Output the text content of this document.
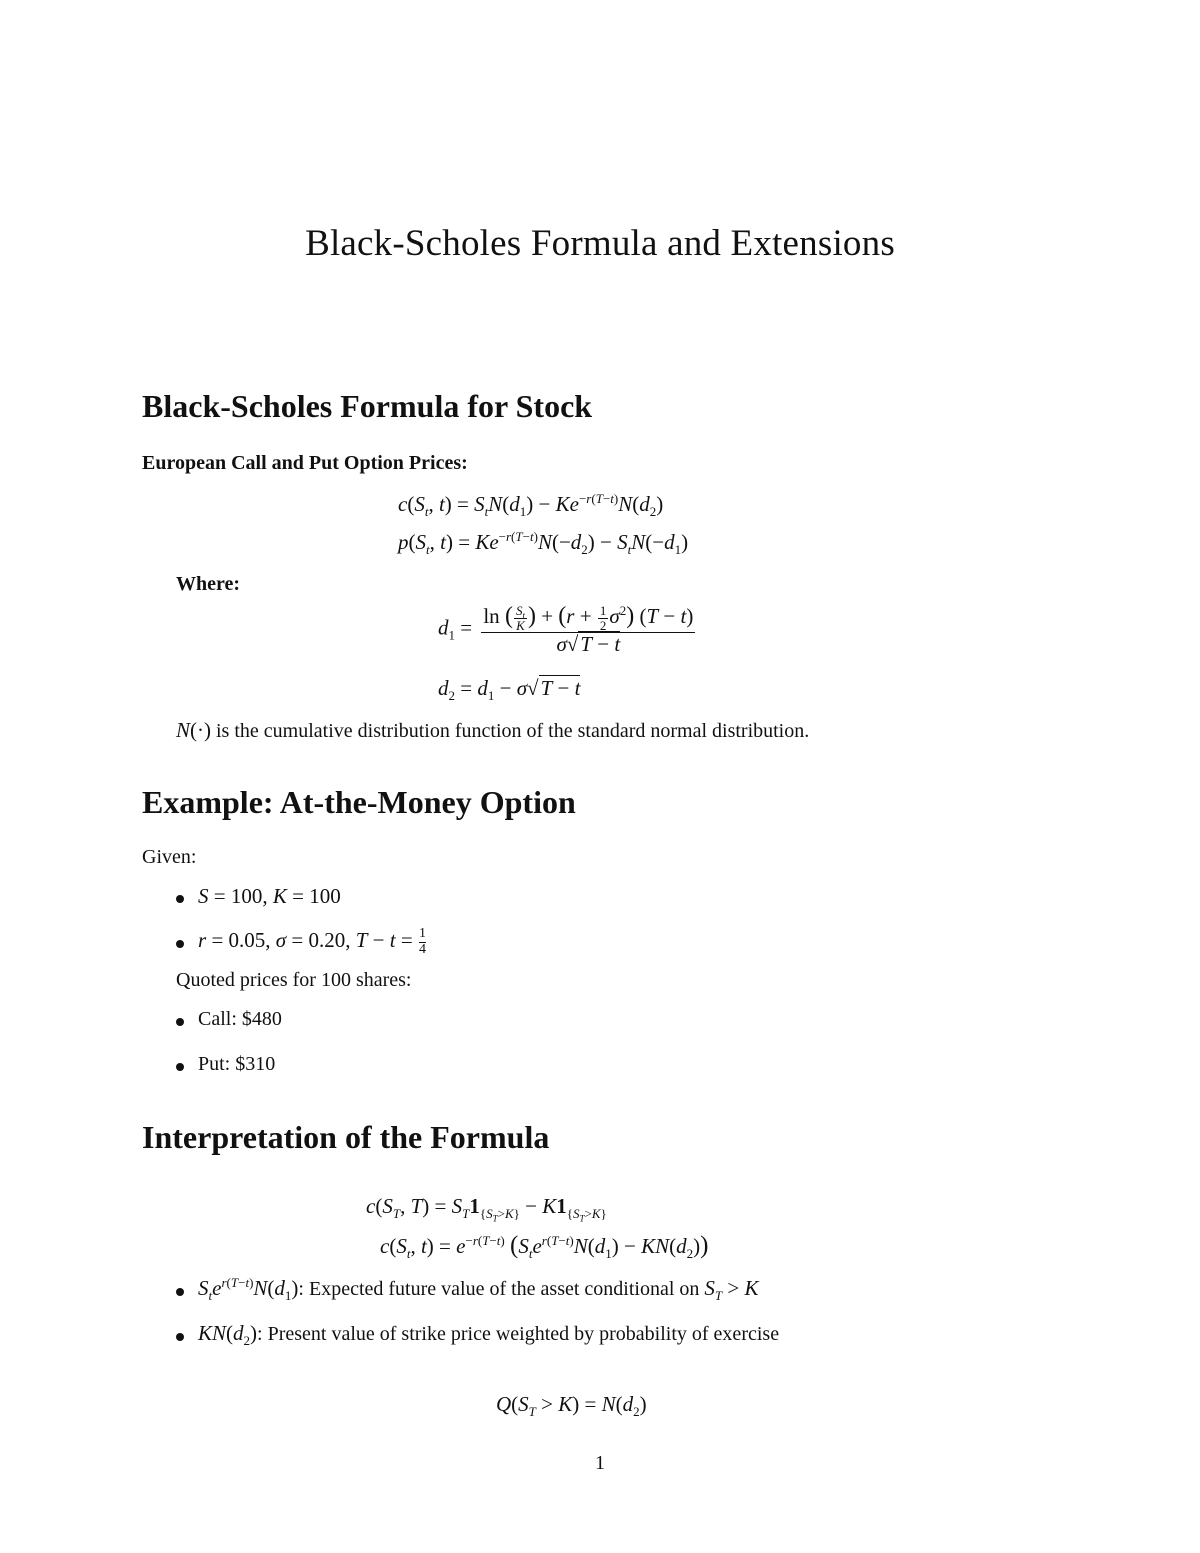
Black-Scholes Formula and Extensions
Black-Scholes Formula for Stock
European Call and Put Option Prices:
$c(S_t$, $t) = S_tN(d_1) - Ke^{-r(T-t)}N(d_2)$
$p(S_t$, $t) = Ke^{-r(T-t)}N(-d_2) - S_tN(-d_1)$
Where:
$d_1 = \frac{\ln ( \frac{S_t}{K} ) + (r + \frac{1}{2} \sigma^2) (T - t)}{\sigma√T - t}$
$d_2 = d_1 - \sigma√T - t$
N(·) is the cumulative distribution function of the standard normal distribution.
Example: At-the-Money Option
Given:
S = 100, K = 100
r = 0.05, σ = 0.20, $T - t = \frac{1}{4}$
Quoted prices for 100 shares:
Call: $480
Put: $310
Interpretation of the Formula
$c(S_T$, $T) = S_T1_{\{S_T>K\}} - K1_{\{S_T>K\}}$
$c(S_t$, $t) = e^{-r(T-t)}$ $(S_te^{r(T-t)}N(d_1) - KN(d_2))$
$S_te^{r(T-t)}N(d_1)$: Expected future value of the asset conditional on $S_T > K$
$KN(d_2)$: Present value of strike price weighted by probability of exercise
$Q(S_T > K) = N(d_2)$
1
